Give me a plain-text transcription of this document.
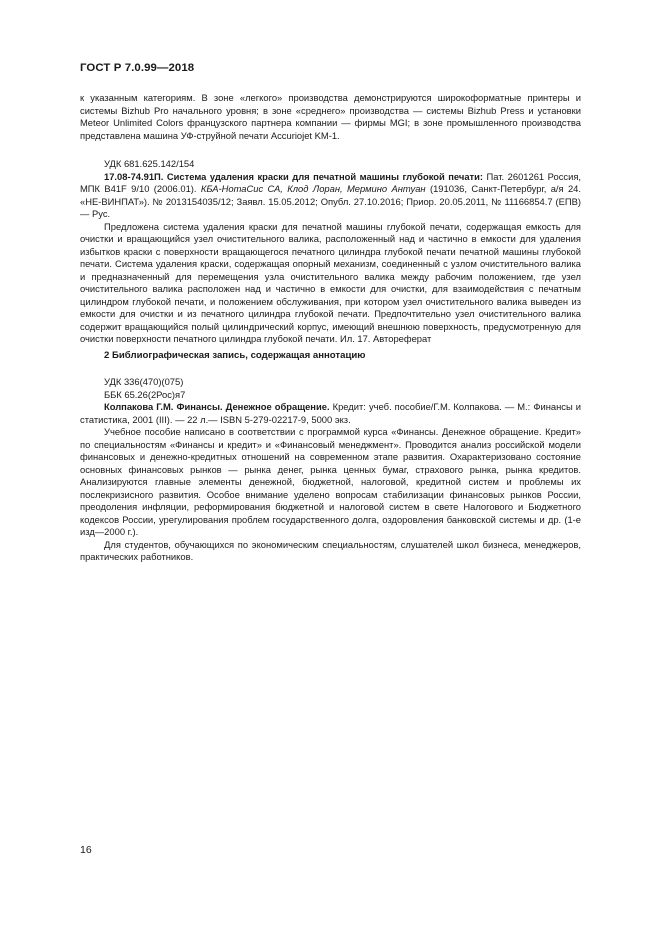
ГОСТ Р 7.0.99—2018

к указанным категориям. В зоне «легкого» производства демонстрируются широкоформатные принтеры и системы Bizhub Pro начального уровня; в зоне «среднего» производства — системы Bizhub Press и установки Meteor Unlimited Colors французского партнера компании — фирмы MGI; в зоне промышленного производства представлена машина УФ-струйной печати Accuriojet KM-1.

УДК 681.625.142/154

17.08-74.91П. Система удаления краски для печатной машины глубокой печати: Пат. 2601261 Россия, МПК B41F 9/10 (2006.01). КБА-НотаСис СА, Клод Лоран, Мермино Антуан (191036, Санкт-Петербург, а/я 24. «НЕ-ВИНПАТ»). № 2013154035/12; Заявл. 15.05.2012; Опубл. 27.10.2016; Приор. 20.05.2011, № 11166854.7 (ЕПВ) — Рус.

Предложена система удаления краски для печатной машины глубокой печати, содержащая емкость для очистки и вращающийся узел очистительного валика, расположенный над и частично в емкости для удаления избытков краски с поверхности вращающегося печатного цилиндра глубокой печати печатной машины глубокой печати. Система удаления краски, содержащая опорный механизм, соединенный с узлом очистительного валика и предназначенный для перемещения узла очистительного валика между рабочим положением, где узел очистительного валика расположен над и частично в емкости для очистки, для взаимодействия с печатным цилиндром глубокой печати, и положением обслуживания, при котором узел очистительного валика выведен из емкости для очистки и из печатного цилиндра глубокой печати. Предпочтительно узел очистительного валика содержит вращающийся полый цилиндрический корпус, имеющий внешнюю поверхность, предусмотренную для очистки поверхности печатного цилиндра глубокой печати. Ил. 17. Автореферат

2 Библиографическая запись, содержащая аннотацию

УДК 336(470)(075)

ББК 65.26(2Рос)я7

Колпакова Г.М. Финансы. Денежное обращение. Кредит: учеб. пособие/Г.М. Колпакова. — М.: Финансы и статистика, 2001 (III). — 22 л.— ISBN 5-279-02217-9, 5000 экз.

Учебное пособие написано в соответствии с программой курса «Финансы. Денежное обращение. Кредит» по специальностям «Финансы и кредит» и «Финансовый менеджмент». Проводится анализ российской модели финансовых и денежно-кредитных отношений на современном этапе развития. Охарактеризовано состояние основных финансовых рынков — рынка денег, рынка ценных бумаг, страхового рынка, рынка кредитов. Анализируются главные элементы денежной, бюджетной, налоговой, кредитной систем и проблемы их послекризисного развития. Особое внимание уделено вопросам стабилизации финансовых рынков России, преодоления инфляции, реформирования бюджетной и налоговой систем в свете Налогового и Бюджетного кодексов России, урегулирования проблем государственного долга, оздоровления банковской системы и др. (1-е изд—2000 г.).

Для студентов, обучающихся по экономическим специальностям, слушателей школ бизнеса, менеджеров, практических работников.

16
